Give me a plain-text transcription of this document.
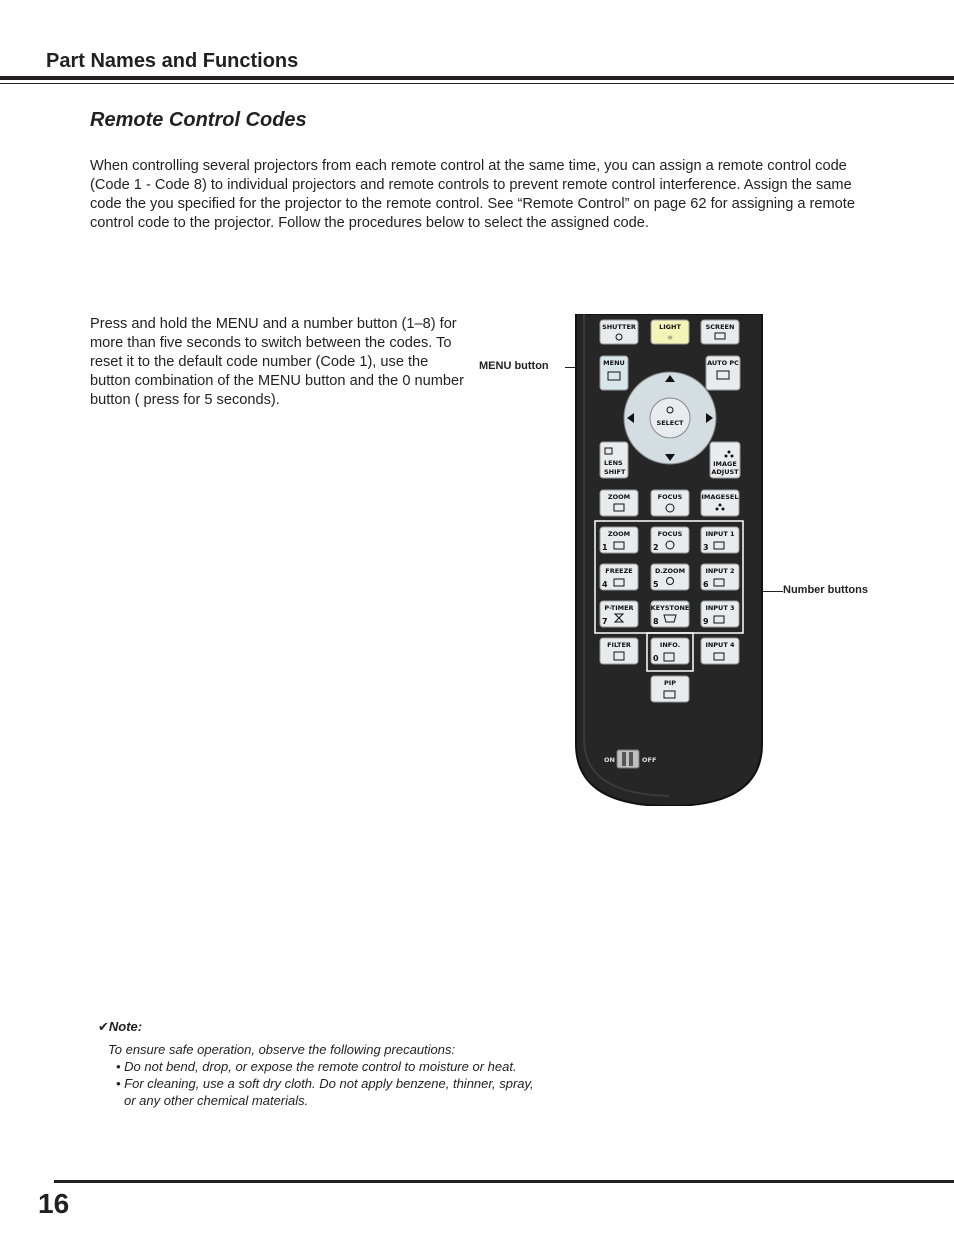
Part Names and Functions
Remote Control Codes

When controlling several projectors from each remote control at the same time, you can assign a remote control code (Code 1 - Code 8) to individual projectors and remote controls to prevent remote control interference. Assign the same code the you specified for the projector to the remote control. See “Remote Control” on page 62 for assigning a remote control code to the projector. Follow the procedures below to select the assigned code.

Press and hold the MENU and a number button (1–8) for more than five seconds to switch between the codes. To reset it to the default code number (Code 1), use the button combination of the MENU button and the 0 number button ( press for 5 seconds).

MENU button
Number buttons
SHUTTER	LIGHT
☼
SCREEN
MENU	AUTO PC
SELECT
LENS
SHIFT
IMAGE
ADJUST
ZOOM	FOCUS	IMAGESEL
ZOOM
1
FOCUS
2
INPUT 1
3
FREEZE
4
D.ZOOM
5
INPUT 2
6
P-TIMER
7
KEYSTONE
8
INPUT 3
9
FILTER	INFO.
0
INPUT 4
PIP
ON	OFF
✔Note:
To ensure safe operation, observe the following precautions:
• Do not bend, drop, or expose the remote control to moisture or heat.
• For cleaning, use a soft dry cloth. Do not apply benzene, thinner, spray, or any other chemical materials.
16
